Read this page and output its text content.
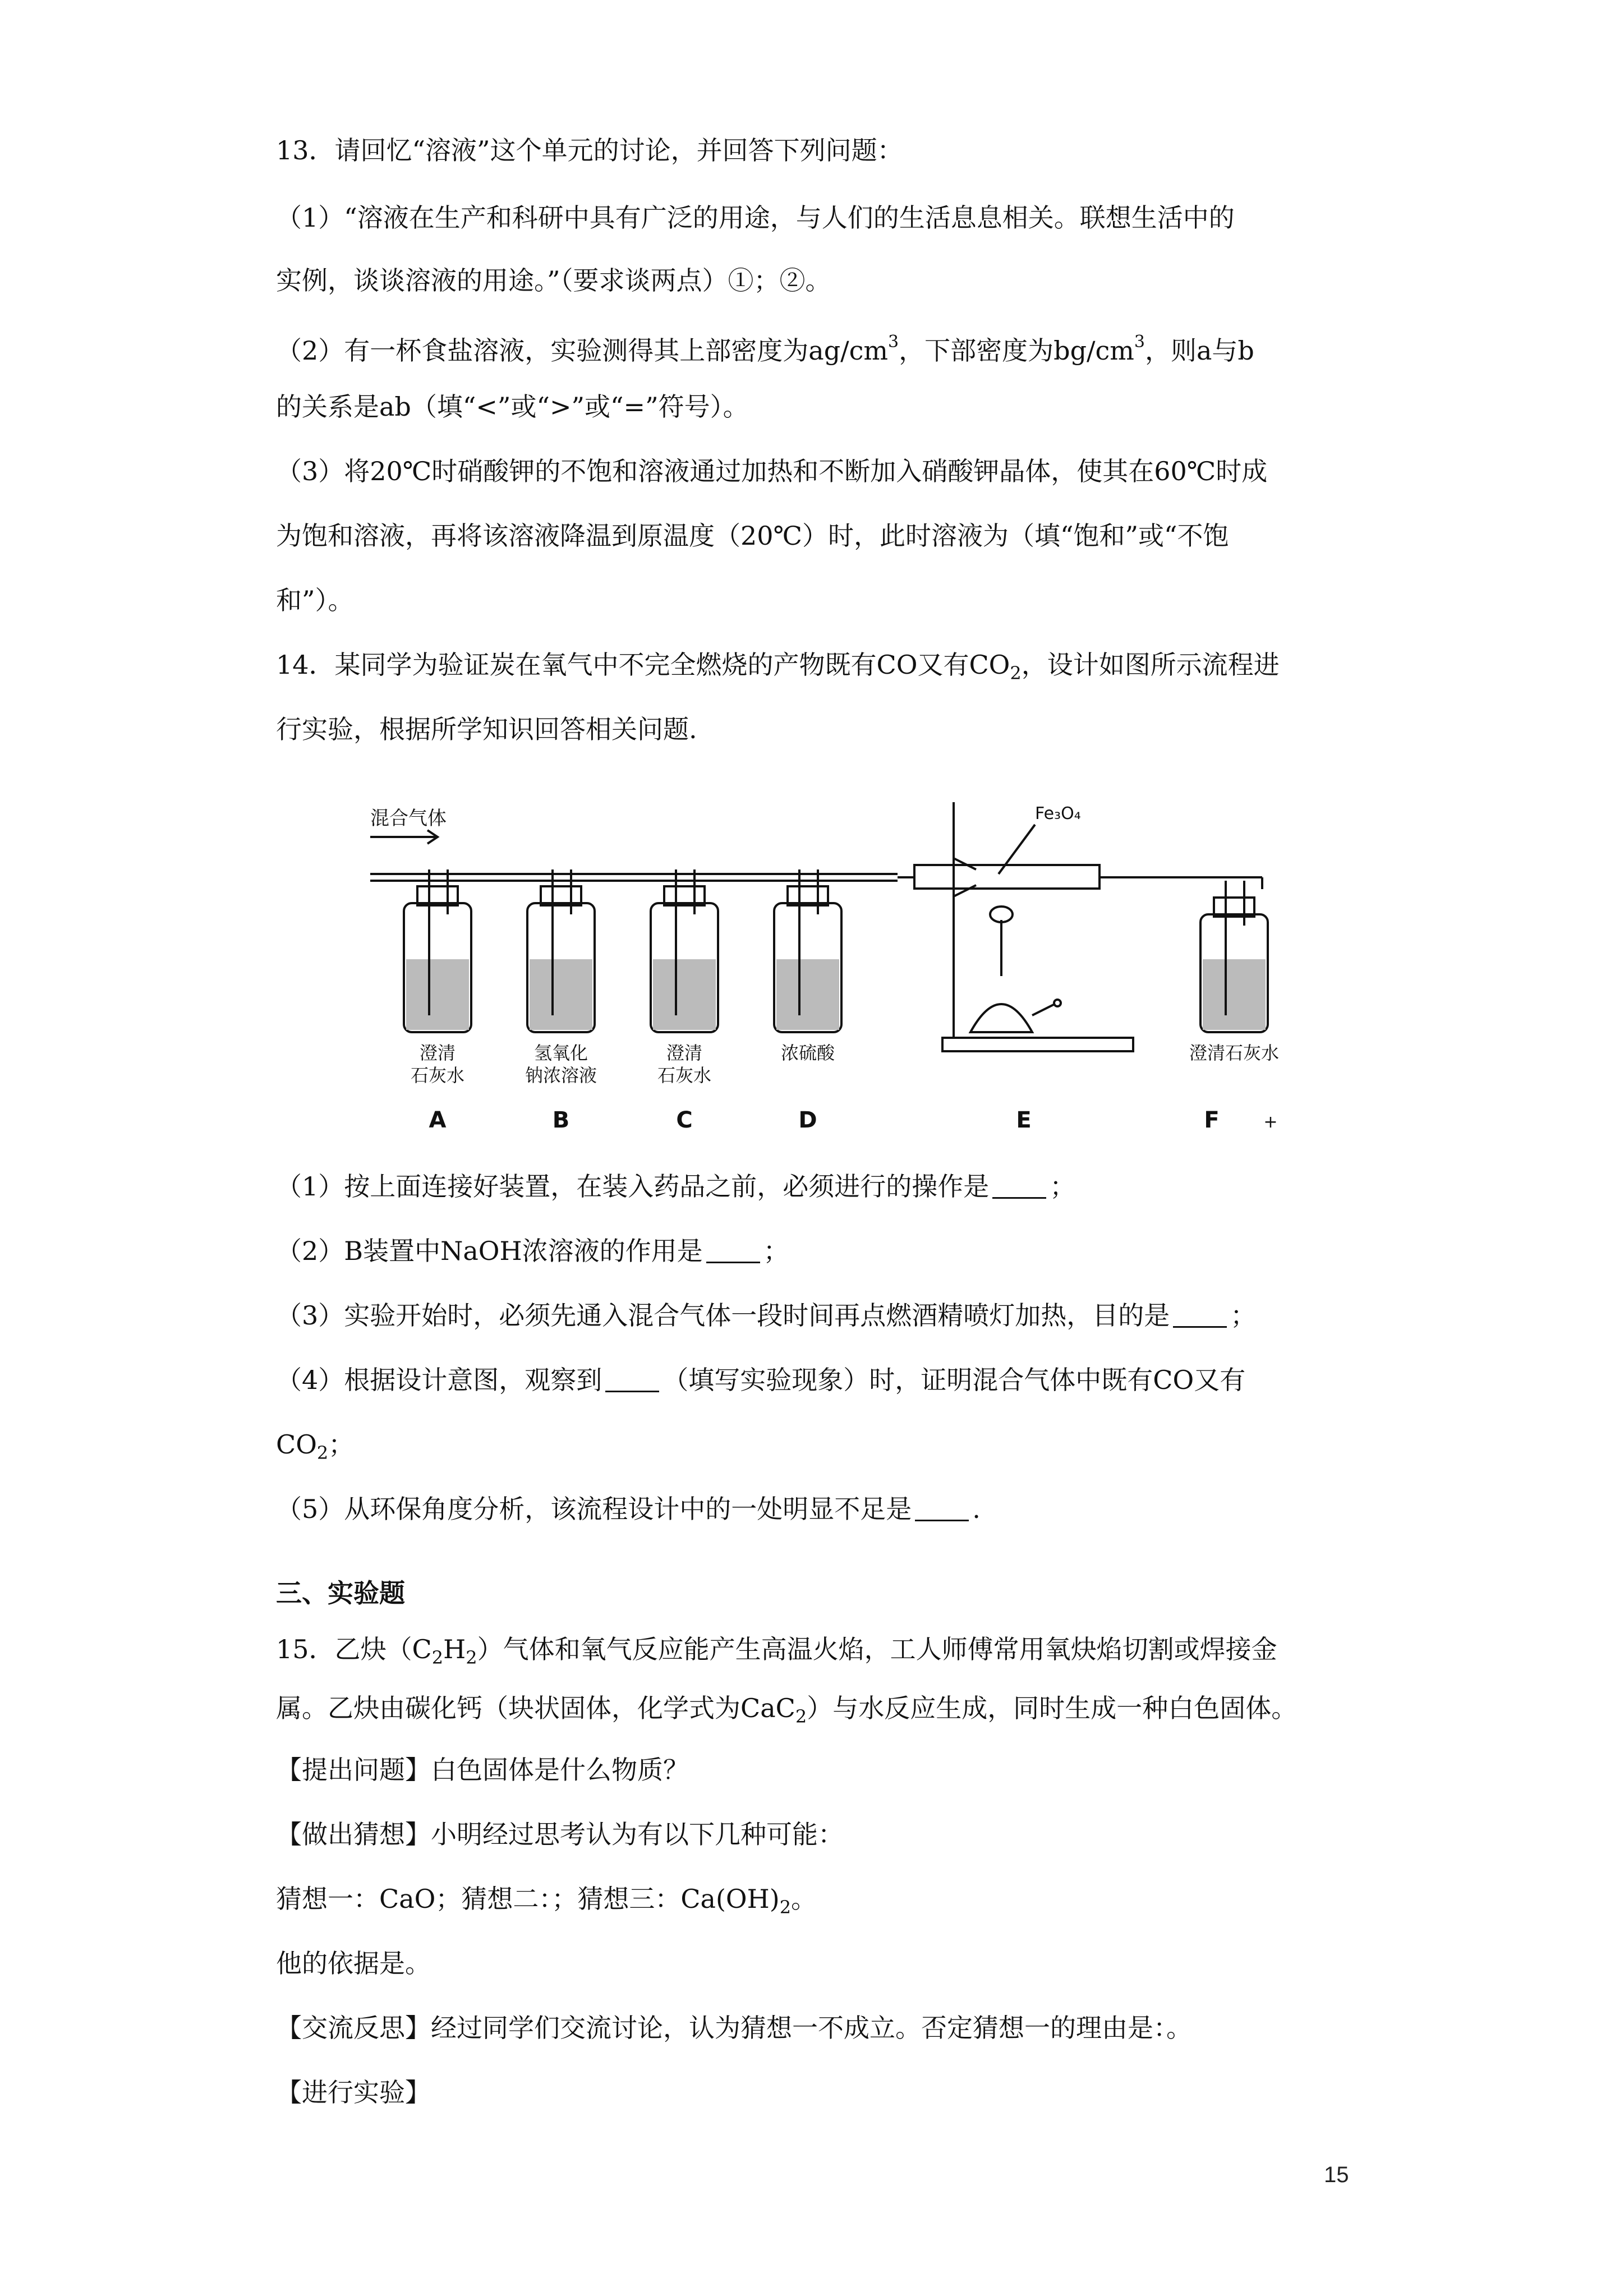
13．请回忆“溶液”这个单元的讨论，并回答下列问题：
（1）“溶液在生产和科研中具有广泛的用途，与人们的生活息息相关。联想生活中的
实例，谈谈溶液的用途。”（要求谈两点）①；②。
（2）有一杯食盐溶液，实验测得其上部密度为$ag/cm^3$，下部密度为$bg/cm^3$，则a与b
的关系是ab（填“<”或“>”或“=”符号）。
（3）将20℃时硝酸钾的不饱和溶液通过加热和不断加入硝酸钾晶体，使其在60℃时成
为饱和溶液，再将该溶液降温到原温度（20℃）时，此时溶液为（填“饱和”或“不饱
和”）。
14．某同学为验证炭在氧气中不完全燃烧的产物既有CO又有$CO_2$，设计如图所示流程进
行实验，根据所学知识回答相关问题.
混合气体	Fe₃O₄
澄清
石灰水
氢氧化
钠浓溶液
澄清
石灰水
浓硫酸	澄清石灰水
A	B	C	D	E	F	+
（1）按上面连接好装置，在装入药品之前，必须进行的操作是 ；
（2）B装置中NaOH浓溶液的作用是 ；
（3）实验开始时，必须先通入混合气体一段时间再点燃酒精喷灯加热，目的是 ；
（4）根据设计意图，观察到 （填写实验现象）时，证明混合气体中既有CO又有
$CO_2$；
（5）从环保角度分析，该流程设计中的一处明显不足是 .
三、实验题
15．乙炔$(C_2H_2)$气体和氧气反应能产生高温火焰，工人师傅常用氧炔焰切割或焊接金
属。乙炔由碳化钙（块状固体，化学式为CaC$_2$）与水反应生成，同时生成一种白色固体。
【提出问题】白色固体是什么物质？
【做出猜想】小明经过思考认为有以下几种可能：
猜想一：CaO；猜想二：；猜想三：$Ca(OH)_2$。
他的依据是。
【交流反思】经过同学们交流讨论，认为猜想一不成立。否定猜想一的理由是：。
【进行实验】
15
